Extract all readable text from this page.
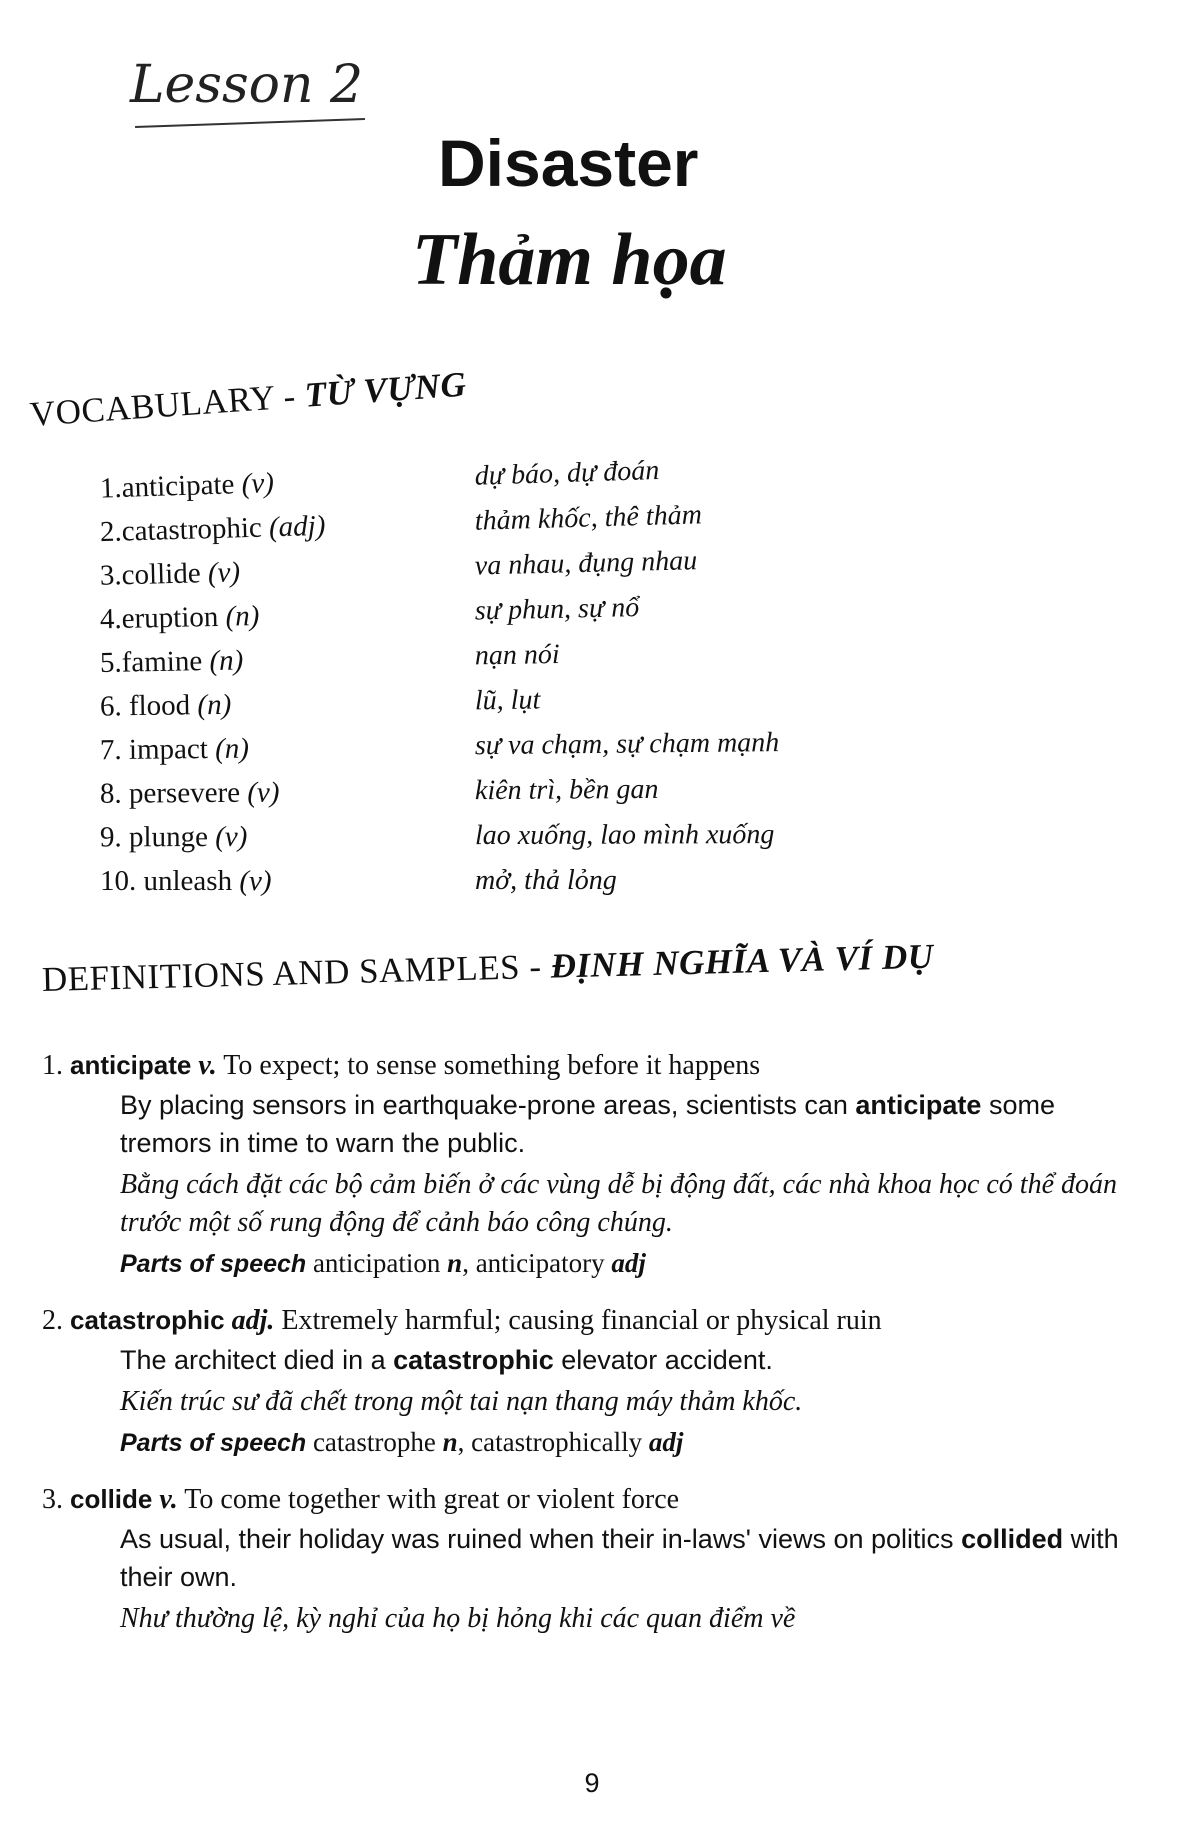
Lesson 2
Disaster
Thảm họa
VOCABULARY - TỪ VỰNG
1.anticipate (v)	dự báo, dự đoán
2.catastrophic (adj)	thảm khốc, thê thảm
3.collide (v)	va nhau, đụng nhau
4.eruption (n)	sự phun, sự nổ
5.famine (n)	nạn nói
6. flood (n)	lũ, lụt
7. impact (n)	sự va chạm, sự chạm mạnh
8. persevere (v)	kiên trì, bền gan
9. plunge (v)	lao xuống, lao mình xuống
10. unleash (v)	mở, thả lỏng
DEFINITIONS AND SAMPLES - ĐỊNH NGHĨA VÀ VÍ DỤ
1. anticipate v. To expect; to sense something before it happens
By placing sensors in earthquake-prone areas, scientists can anticipate some tremors in time to warn the public.
Bằng cách đặt các bộ cảm biến ở các vùng dễ bị động đất, các nhà khoa học có thể đoán trước một số rung động để cảnh báo công chúng.
Parts of speech anticipation n, anticipatory adj
2. catastrophic adj. Extremely harmful; causing financial or physical ruin
The architect died in a catastrophic elevator accident.
Kiến trúc sư đã chết trong một tai nạn thang máy thảm khốc.
Parts of speech catastrophe n, catastrophically adj
3. collide v. To come together with great or violent force
As usual, their holiday was ruined when their in-laws' views on politics collided with their own.
Như thường lệ, kỳ nghỉ của họ bị hỏng khi các quan điểm về
9
